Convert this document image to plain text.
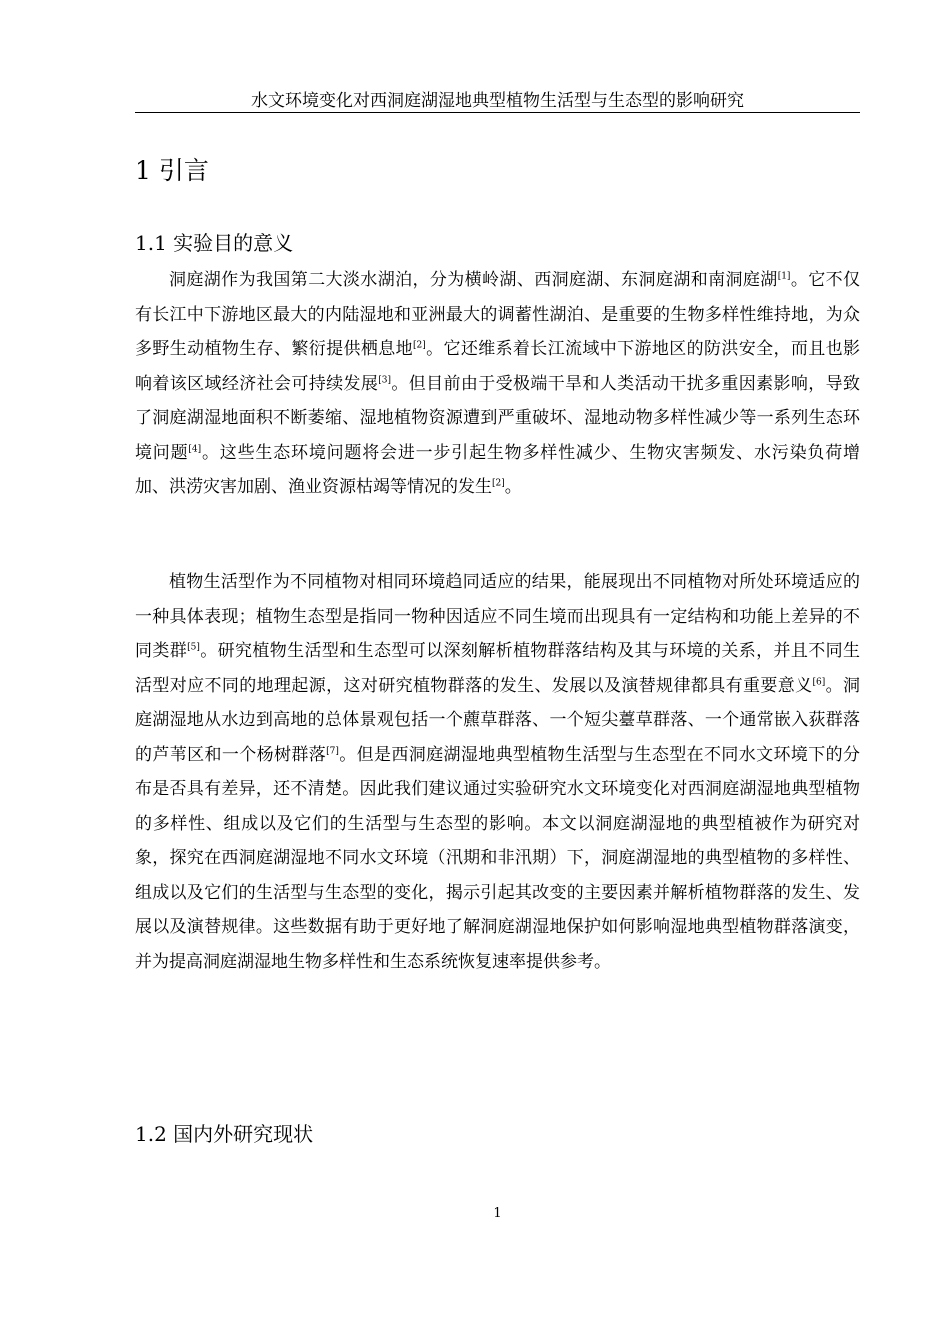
水文环境变化对西洞庭湖湿地典型植物生活型与生态型的影响研究
1 引言
1.1 实验目的意义
洞庭湖作为我国第二大淡水湖泊，分为横岭湖、西洞庭湖、东洞庭湖和南洞庭湖[1]。它不仅有长江中下游地区最大的内陆湿地和亚洲最大的调蓄性湖泊、是重要的生物多样性维持地，为众多野生动植物生存、繁衍提供栖息地[2]。它还维系着长江流域中下游地区的防洪安全，而且也影响着该区域经济社会可持续发展[3]。但目前由于受极端干旱和人类活动干扰多重因素影响，导致了洞庭湖湿地面积不断萎缩、湿地植物资源遭到严重破坏、湿地动物多样性减少等一系列生态环境问题[4]。这些生态环境问题将会进一步引起生物多样性减少、生物灾害频发、水污染负荷增加、洪涝灾害加剧、渔业资源枯竭等情况的发生[2]。
植物生活型作为不同植物对相同环境趋同适应的结果，能展现出不同植物对所处环境适应的一种具体表现；植物生态型是指同一物种因适应不同生境而出现具有一定结构和功能上差异的不同类群[5]。研究植物生活型和生态型可以深刻解析植物群落结构及其与环境的关系，并且不同生活型对应不同的地理起源，这对研究植物群落的发生、发展以及演替规律都具有重要意义[6]。洞庭湖湿地从水边到高地的总体景观包括一个藨草群落、一个短尖薹草群落、一个通常嵌入荻群落的芦苇区和一个杨树群落[7]。但是西洞庭湖湿地典型植物生活型与生态型在不同水文环境下的分布是否具有差异，还不清楚。因此我们建议通过实验研究水文环境变化对西洞庭湖湿地典型植物的多样性、组成以及它们的生活型与生态型的影响。本文以洞庭湖湿地的典型植被作为研究对象，探究在西洞庭湖湿地不同水文环境（汛期和非汛期）下，洞庭湖湿地的典型植物的多样性、组成以及它们的生活型与生态型的变化，揭示引起其改变的主要因素并解析植物群落的发生、发展以及演替规律。这些数据有助于更好地了解洞庭湖湿地保护如何影响湿地典型植物群落演变，并为提高洞庭湖湿地生物多样性和生态系统恢复速率提供参考。
1.2 国内外研究现状
1
